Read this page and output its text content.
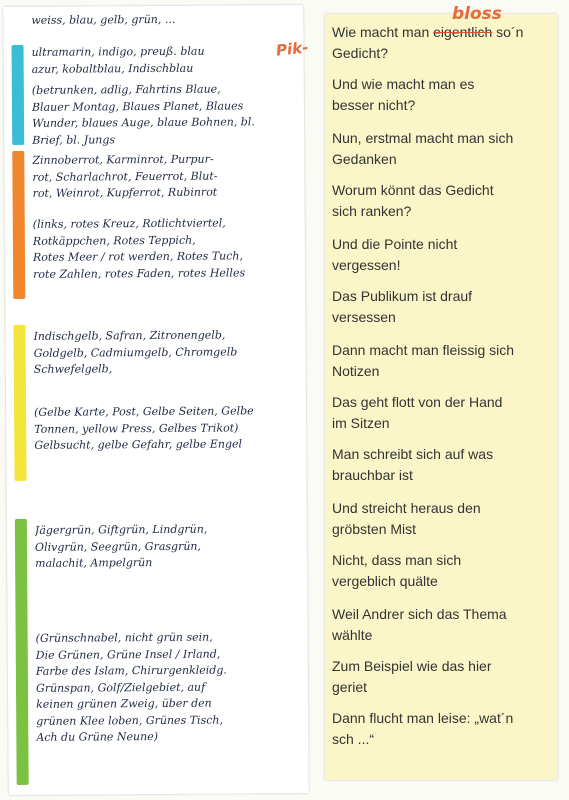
weiss, blau, gelb, grün, ...
ultramarin, indigo, preuß. blau
azur, kobaltblau, Indischblau
(betrunken, adlig, Fahrtins Blaue,
Blauer Montag, Blaues Planet, Blaues
Wunder, blaues Auge, blaue Bohnen, bl.
Brief, bl. Jungs
Zinnoberrot, Karminrot, Purpur-
rot, Scharlachrot, Feuerrot, Blut-
rot, Weinrot, Kupferrot, Rubinrot
(links, rotes Kreuz, Rotlichtviertel,
Rotkäppchen, Rotes Teppich,
Rotes Meer / rot werden, Rotes Tuch,
rote Zahlen, rotes Faden, rotes Helles
Indischgelb, Safran, Zitronengelb,
Goldgelb, Cadmiumgelb, Chromgelb
Schwefelgelb,
(Gelbe Karte, Post, Gelbe Seiten, Gelbe
Tonnen, yellow Press, Gelbes Trikot)
Gelbsucht, gelbe Gefahr, gelbe Engel
Jägergrün, Giftgrün, Lindgrün,
Olivgrün, Seegrün, Grasgrün,
malachit, Ampelgrün
(Grünschnabel, nicht grün sein,
Die Grünen, Grüne Insel / Irland,
Farbe des Islam, Chirurgenkleidg.
Grünspan, Golf/Zielgebiet, auf
keinen grünen Zweig, über den
grünen Klee loben, Grünes Tisch,
Ach du Grüne Neune)
Wie macht man eigentlich so´n
Gedicht?
Und wie macht man es
besser nicht?
Nun, erstmal macht man sich
Gedanken
Worum könnt das Gedicht
sich ranken?
Und die Pointe nicht
vergessen!
Das Publikum ist drauf
versessen
Dann macht man fleissig sich
Notizen
Das geht flott von der Hand
im Sitzen
Man schreibt sich auf was
brauchbar ist
Und streicht heraus den
gröbsten Mist
Nicht, dass man sich
vergeblich quälte
Weil Andrer sich das Thema
wählte
Zum Beispiel wie das hier
geriet
Dann flucht man leise: „wat´n
sch ...“
bloss
Pik-
